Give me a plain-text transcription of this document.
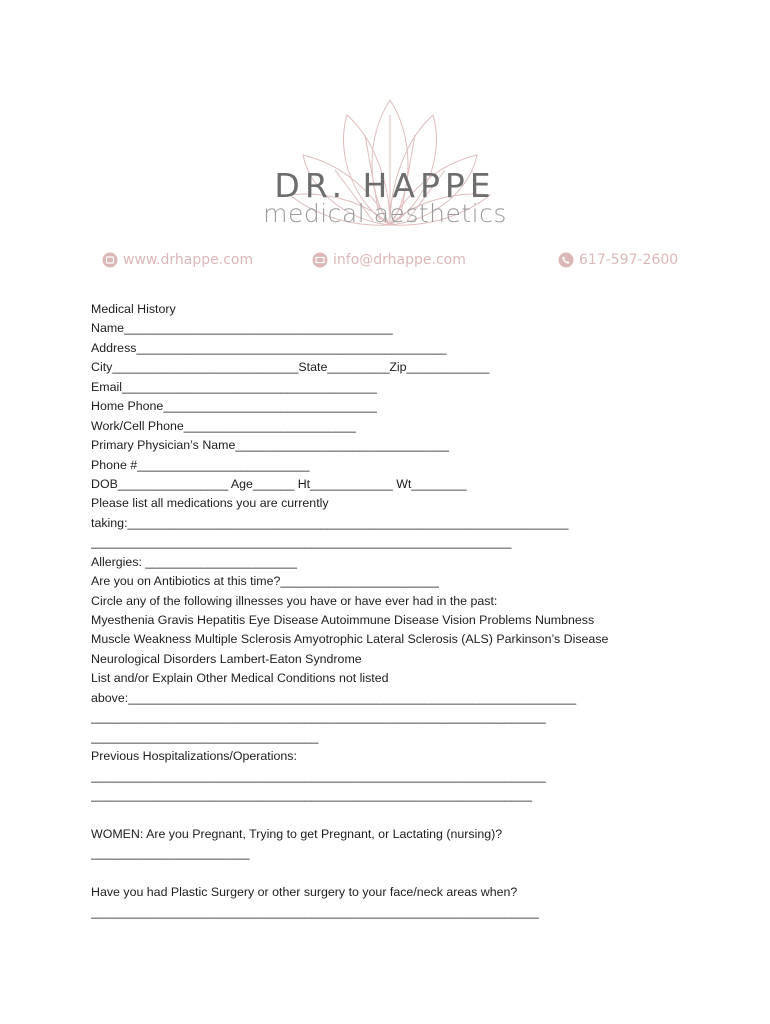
DR. HAPPE
medical aesthetics
www.drhappe.com	info@drhappe.com	617-597-2600
Medical History
Name_______________________________________
Address_____________________________________________
City___________________________State_________Zip____________
Email_____________________________________
Home Phone_______________________________
Work/Cell Phone_________________________
Primary Physician’s Name_______________________________
Phone #_________________________
DOB________________ Age______ Ht____________ Wt________
Please list all medications you are currently
taking:________________________________________________________________
_____________________________________________________________
Allergies: ______________________
Are you on Antibiotics at this time?_______________________
Circle any of the following illnesses you have or have ever had in the past:
Myesthenia Gravis Hepatitis Eye Disease Autoimmune Disease Vision Problems Numbness
Muscle Weakness Multiple Sclerosis Amyotrophic Lateral Sclerosis (ALS) Parkinson’s Disease
Neurological Disorders Lambert-Eaton Syndrome
List and/or Explain Other Medical Conditions not listed
above:_________________________________________________________________
__________________________________________________________________
_________________________________
Previous Hospitalizations/Operations:
__________________________________________________________________
________________________________________________________________
WOMEN: Are you Pregnant, Trying to get Pregnant, or Lactating (nursing)?
_______________________
Have you had Plastic Surgery or other surgery to your face/neck areas when?
_________________________________________________________________
